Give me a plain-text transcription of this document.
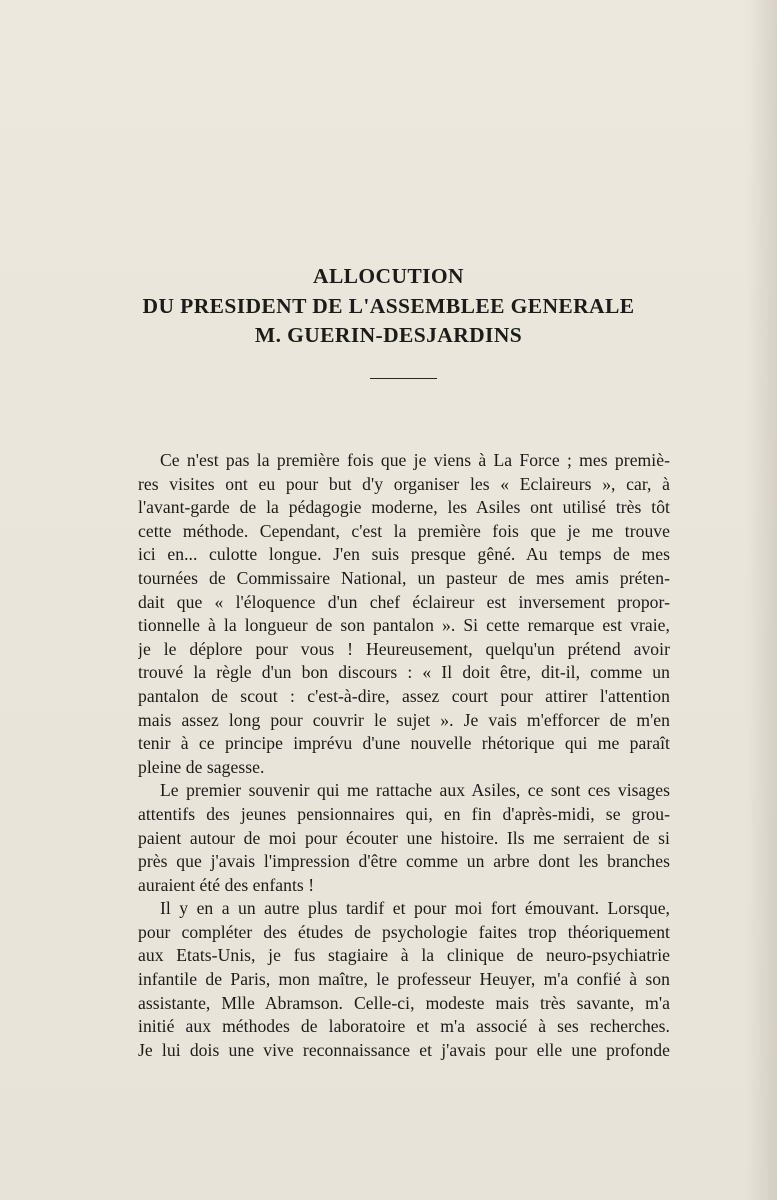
ALLOCUTION
DU PRESIDENT DE L'ASSEMBLEE GENERALE
M. GUERIN-DESJARDINS
Ce n'est pas la première fois que je viens à La Force ; mes premiè-
res visites ont eu pour but d'y organiser les « Eclaireurs », car, à
l'avant-garde de la pédagogie moderne, les Asiles ont utilisé très tôt
cette méthode. Cependant, c'est la première fois que je me trouve
ici en... culotte longue. J'en suis presque gêné. Au temps de mes
tournées de Commissaire National, un pasteur de mes amis préten-
dait que « l'éloquence d'un chef éclaireur est inversement propor-
tionnelle à la longueur de son pantalon ». Si cette remarque est vraie,
je le déplore pour vous ! Heureusement, quelqu'un prétend avoir
trouvé la règle d'un bon discours : « Il doit être, dit-il, comme un
pantalon de scout : c'est-à-dire, assez court pour attirer l'attention
mais assez long pour couvrir le sujet ». Je vais m'efforcer de m'en
tenir à ce principe imprévu d'une nouvelle rhétorique qui me paraît
pleine de sagesse.
Le premier souvenir qui me rattache aux Asiles, ce sont ces visages
attentifs des jeunes pensionnaires qui, en fin d'après-midi, se grou-
paient autour de moi pour écouter une histoire. Ils me serraient de si
près que j'avais l'impression d'être comme un arbre dont les branches
auraient été des enfants !
Il y en a un autre plus tardif et pour moi fort émouvant. Lorsque,
pour compléter des études de psychologie faites trop théoriquement
aux Etats-Unis, je fus stagiaire à la clinique de neuro-psychiatrie
infantile de Paris, mon maître, le professeur Heuyer, m'a confié à son
assistante, Mlle Abramson. Celle-ci, modeste mais très savante, m'a
initié aux méthodes de laboratoire et m'a associé à ses recherches.
Je lui dois une vive reconnaissance et j'avais pour elle une profonde
